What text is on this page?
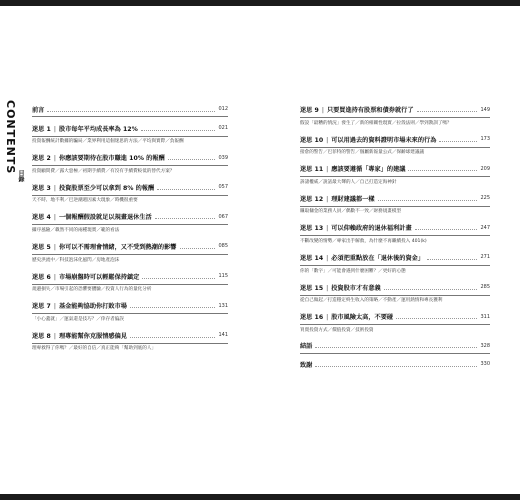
CONTENTS
目錄
前言	012
迷思 1 | 股市每年平均成長率為 12%	021
投資報酬統計數據的騙局／業界利用這個迷思的方法／平均與實際／負報酬
迷思 2 | 你應該要期待在股市賺進 10% 的報酬	039
投資顧問費／露大惡極／初期手續費／有沒有手續費較低的替代方案？
迷思 3 | 投資股票至少可以拿到 8% 的報酬	057
天不時、地不利／巴逆潮週因素大現象／時機很重要
迷思 4 | 一個報酬假設就足以規畫退休生活	067
攝序風險／載然不同的兩種現實／範的看法
迷思 5 | 你可以不需理會情緒，又不受到熱潮的影響	085
歷史洪流中／科技泡沫化風閃／房地產泡沫
迷思 6 | 市場崩盤時可以輕鬆保持鎮定	115
規避損失／市場引起的恐懼要體驗／投資人行為的量化分析
迷思 7 | 基金能夠協助你打敗市場	131
「小心蓋就」／運氣還是技巧？／倖存者偏誤
迷思 8 | 理專能幫你克服情感偏見	141
理專救得了你嗎？／最好的自信／真正能夠「幫助到底的人」
迷思 9 | 只要買進持有股票和債券就行了	149
假設「最糟的情況」發生了／新的相關性現實／拉殼法則／學到教訓了嗎？
迷思 10 | 可以用過去的資料證明市場未來的行為	173
接倉的警告／巴菲特的警告／個屬新報量公式／保齡球建議議
迷思 11 | 應該要遵循「專家」的建議	209
訴諸權威／說話最大聲的人／自己打造定海神針
迷思 12 | 理財建議都一樣	225
賺取傭金的業務人員／偶數不一致／財務規畫模型
迷思 13 | 可以仰賴政府的退休福利計畫	247
不斷改變的情勢／專家出手解救，為什麼不再繼續投入 401(k)
迷思 14 | 必須把重點放在「退休後的資金」	271
你的「數字」／可能會遇到什麼困難？／更好的心態
迷思 15 | 投資股市才有意義	285
從自己做起／打造穩定終生收入的策略／不動產／運用熱情和專長獲利
迷思 16 | 股市風險太高，不要碰	311
買賣投資方式／價值投資／技術投資
結語	328
致謝	330
